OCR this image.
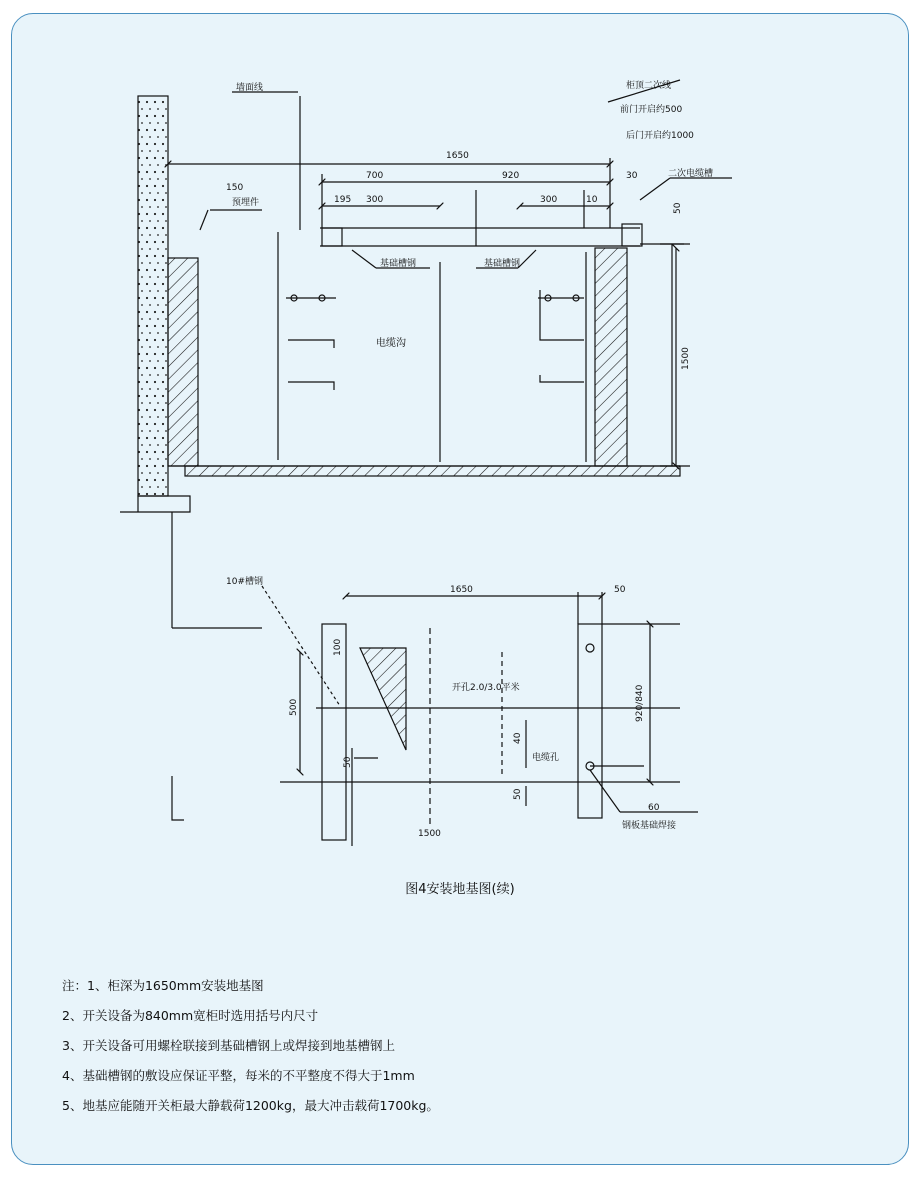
150
1650
700	920
195 300	300	10
30
1500
50
墙面线	柜顶二次线
前门开启约500
后门开启约1000
二次电缆槽
预埋件
基础槽钢	基础槽钢
电缆沟
1650	50
500
100
50
1500
40
50
60
920/840
10#槽钢
开孔2.0/3.0平米
电缆孔
钢板基础焊接
图4安装地基图(续)
注：1、柜深为1650mm安装地基图
2、开关设备为840mm宽柜时选用括号内尺寸
3、开关设备可用螺栓联接到基础槽钢上或焊接到地基槽钢上
4、基础槽钢的敷设应保证平整，每米的不平整度不得大于1mm
5、地基应能随开关柜最大静载荷1200kg，最大冲击载荷1700kg。
